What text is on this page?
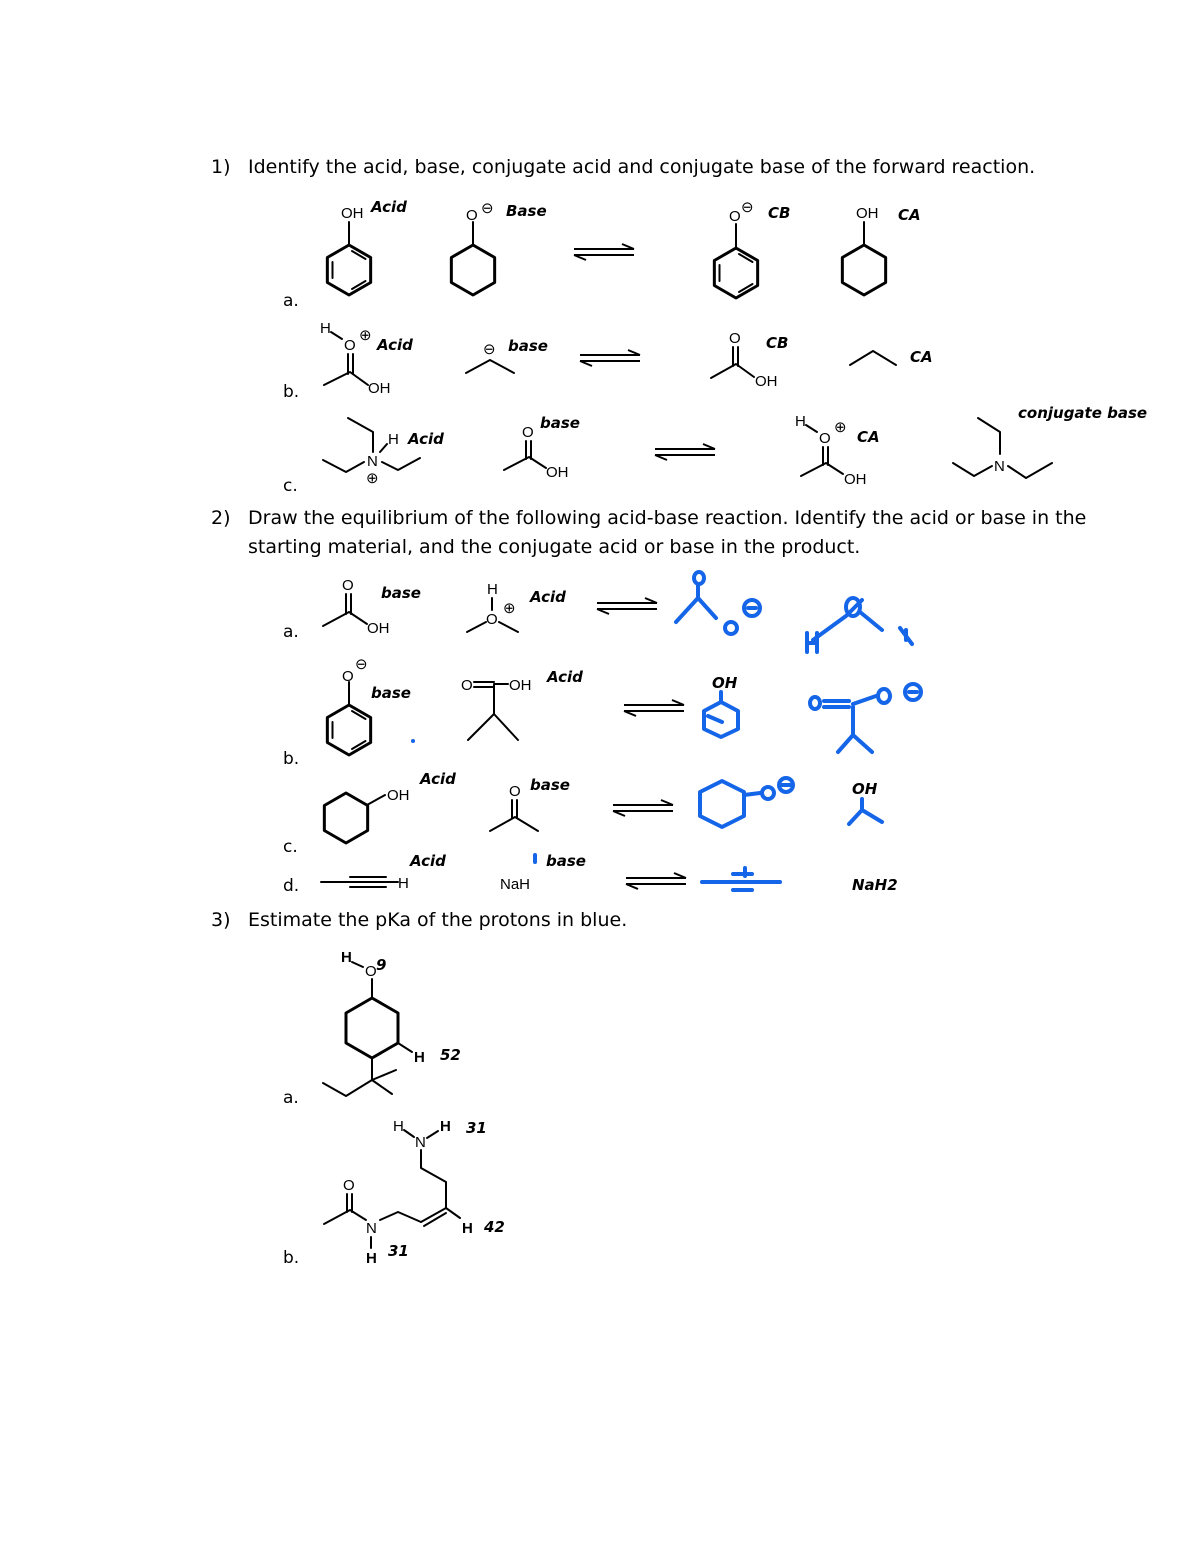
1) Identify the acid, base, conjugate acid and conjugate base of the forward reaction.
2) Draw the equilibrium of the following acid-base reaction. Identify the acid or base in the starting material, and the conjugate acid or base in the product.
3) Estimate the pKa of the protons in blue.
a.
b.
c.
a.
b.
c.
d.
a.
b.
OH Acid	O ⊖ Base	O
⊖ CB	OH CA
H
O
⊕
OH
Acid	⊖ base	O
OH
CB
CA
N
H
⊕
Acid	O
OH
base	H
O
⊕
OH
CA
N
conjugate base
O
OH
base	H
O
⊕
Acid
O
⊖
base	O OH Acid	OH
OH
Acid
O base	OH
H
Acid
NaH
base
NaH2
H
O
H
9
52
H
N
H 31
H 42
O
N
H 31
